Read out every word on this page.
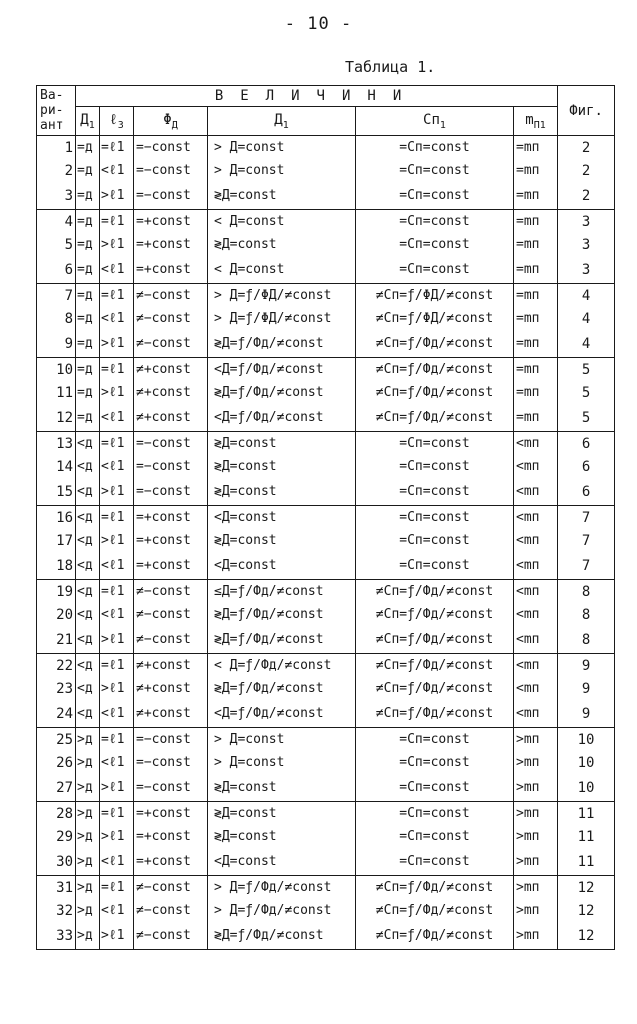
- 10 -
Таблица 1.
Ва-
ри-
ант	ВЕЛИЧИНИ						Фиг.
	$Д_1$	ℓ$_3$	$\Phi_Д$	$Д_1$	$Сп_1$	$m_{П1}$
1	=д	=ℓ1	=−const	> Д=const	=Сп=const	=mп	2
2	=д	<ℓ1	=−const	> Д=const	=Сп=const	=mп	2
3	=д	>ℓ1	=−const	≷Д=const	=Сп=const	=mп	2
4	=д	=ℓ1	=+const	< Д=const	=Сп=const	=mп	3
5	=д	>ℓ1	=+const	≷Д=const	=Сп=const	=mп	3
6	=д	<ℓ1	=+const	< Д=const	=Сп=const	=mп	3
7	=д	=ℓ1	≠−const	> Д=ƒ/ΦД/≠const	≠Сп=ƒ/ΦД/≠const	=mп	4
8	=д	<ℓ1	≠−const	> Д=ƒ/ΦД/≠const	≠Сп=ƒ/ΦД/≠const	=mп	4
9	=д	>ℓ1	≠−const	≷Д=ƒ/Фд/≠const	≠Сп=ƒ/Фд/≠const	=mп	4
10	=д	=ℓ1	≠+const	<Д=ƒ/Фд/≠const	≠Сп=ƒ/Фд/≠const	=mп	5
11	=д	>ℓ1	≠+const	≷Д=ƒ/Фд/≠const	≠Сп=ƒ/Фд/≠const	=mп	5
12	=д	<ℓ1	≠+const	<Д=ƒ/Фд/≠const	≠Сп=ƒ/Фд/≠const	=mп	5
13	<д	=ℓ1	=−const	≷Д=const	=Сп=const	<mп	6
14	<д	<ℓ1	=−const	≷Д=const	=Сп=const	<mп	6
15	<д	>ℓ1	=−const	≷Д=const	=Сп=const	<mп	6
16	<д	=ℓ1	=+const	<Д=const	=Сп=const	<mп	7
17	<д	>ℓ1	=+const	≷Д=const	=Сп=const	<mп	7
18	<д	<ℓ1	=+const	<Д=const	=Сп=const	<mп	7
19	<д	=ℓ1	≠−const	≤Д=ƒ/Фд/≠const	≠Сп=ƒ/Фд/≠const	<mп	8
20	<д	<ℓ1	≠−const	≷Д=ƒ/Фд/≠const	≠Сп=ƒ/Фд/≠const	<mп	8
21	<д	>ℓ1	≠−const	≷Д=ƒ/Фд/≠const	≠Сп=ƒ/Фд/≠const	<mп	8
22	<д	=ℓ1	≠+const	< Д=ƒ/Фд/≠const	≠Сп=ƒ/Фд/≠const	<mп	9
23	<д	>ℓ1	≠+const	≷Д=ƒ/Фд/≠const	≠Сп=ƒ/Фд/≠const	<mп	9
24	<д	<ℓ1	≠+const	<Д=ƒ/Фд/≠const	≠Сп=ƒ/Фд/≠const	<mп	9
25	>д	=ℓ1	=−const	> Д=const	=Сп=const	>mп	10
26	>д	<ℓ1	=−const	> Д=const	=Сп=const	>mп	10
27	>д	>ℓ1	=−const	≷Д=const	=Сп=const	>mп	10
28	>д	=ℓ1	=+const	≷Д=const	=Сп=const	>mп	11
29	>д	>ℓ1	=+const	≷Д=const	=Сп=const	>mп	11
30	>д	<ℓ1	=+const	<Д=const	=Сп=const	>mп	11
31	>д	=ℓ1	≠−const	> Д=ƒ/Фд/≠const	≠Сп=ƒ/Фд/≠const	>mп	12
32	>д	<ℓ1	≠−const	> Д=ƒ/Фд/≠const	≠Сп=ƒ/Фд/≠const	>mп	12
33	>д	>ℓ1	≠−const	≷Д=ƒ/Фд/≠const	≠Сп=ƒ/Фд/≠const	>mп	12
